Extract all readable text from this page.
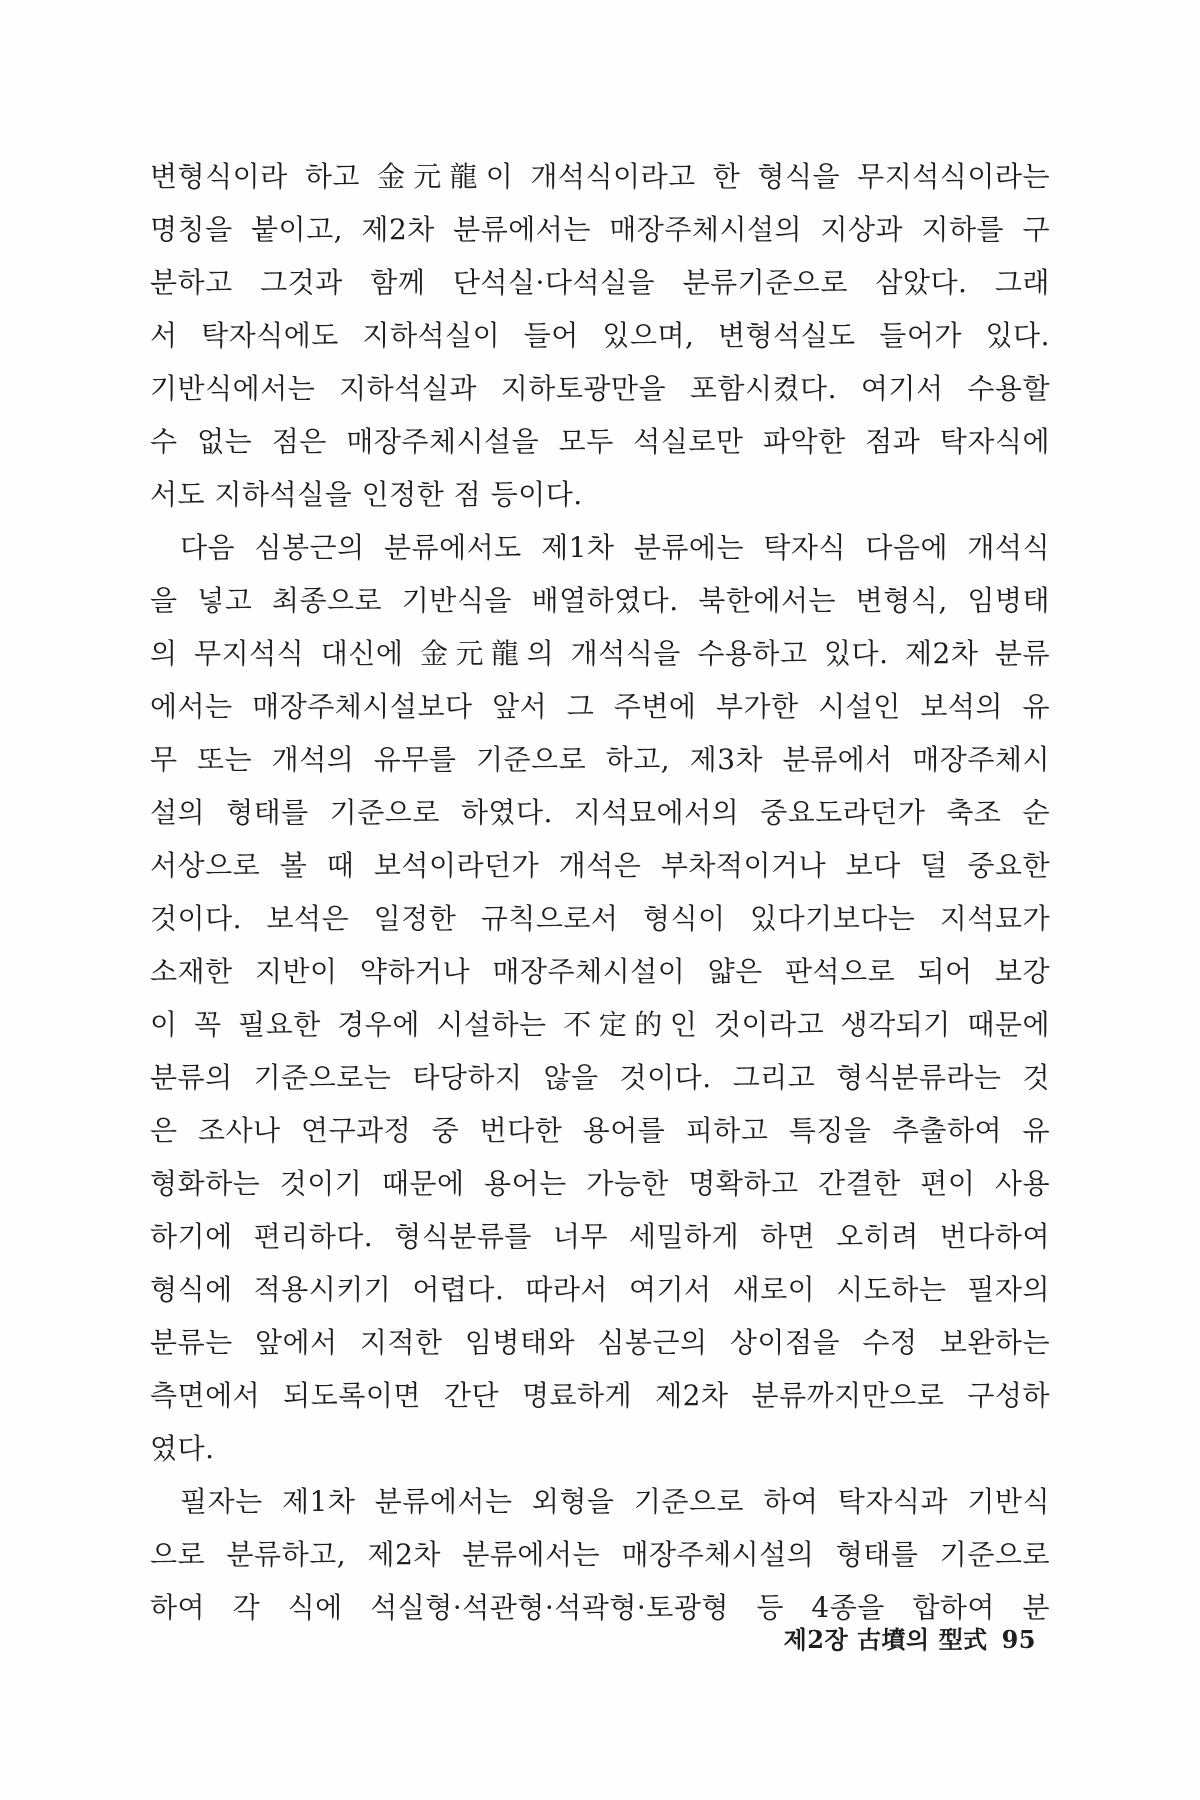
변형식이라 하고 金元龍이 개석식이라고 한 형식을 무지석식이라는
명칭을 붙이고, 제2차 분류에서는 매장주체시설의 지상과 지하를 구
분하고 그것과 함께 단석실·다석실을 분류기준으로 삼았다. 그래
서 탁자식에도 지하석실이 들어 있으며, 변형석실도 들어가 있다.
기반식에서는 지하석실과 지하토광만을 포함시켰다. 여기서 수용할
수 없는 점은 매장주체시설을 모두 석실로만 파악한 점과 탁자식에
서도 지하석실을 인정한 점 등이다.
다음 심봉근의 분류에서도 제1차 분류에는 탁자식 다음에 개석식
을 넣고 최종으로 기반식을 배열하였다. 북한에서는 변형식, 임병태
의 무지석식 대신에 金元龍의 개석식을 수용하고 있다. 제2차 분류
에서는 매장주체시설보다 앞서 그 주변에 부가한 시설인 보석의 유
무 또는 개석의 유무를 기준으로 하고, 제3차 분류에서 매장주체시
설의 형태를 기준으로 하였다. 지석묘에서의 중요도라던가 축조 순
서상으로 볼 때 보석이라던가 개석은 부차적이거나 보다 덜 중요한
것이다. 보석은 일정한 규칙으로서 형식이 있다기보다는 지석묘가
소재한 지반이 약하거나 매장주체시설이 얇은 판석으로 되어 보강
이 꼭 필요한 경우에 시설하는 不定的인 것이라고 생각되기 때문에
분류의 기준으로는 타당하지 않을 것이다. 그리고 형식분류라는 것
은 조사나 연구과정 중 번다한 용어를 피하고 특징을 추출하여 유
형화하는 것이기 때문에 용어는 가능한 명확하고 간결한 편이 사용
하기에 편리하다. 형식분류를 너무 세밀하게 하면 오히려 번다하여
형식에 적용시키기 어렵다. 따라서 여기서 새로이 시도하는 필자의
분류는 앞에서 지적한 임병태와 심봉근의 상이점을 수정 보완하는
측면에서 되도록이면 간단 명료하게 제2차 분류까지만으로 구성하
였다.
필자는 제1차 분류에서는 외형을 기준으로 하여 탁자식과 기반식
으로 분류하고, 제2차 분류에서는 매장주체시설의 형태를 기준으로
하여 각 식에 석실형·석관형·석곽형·토광형 등 4종을 합하여 분
제2장 古墳의 型式 95
